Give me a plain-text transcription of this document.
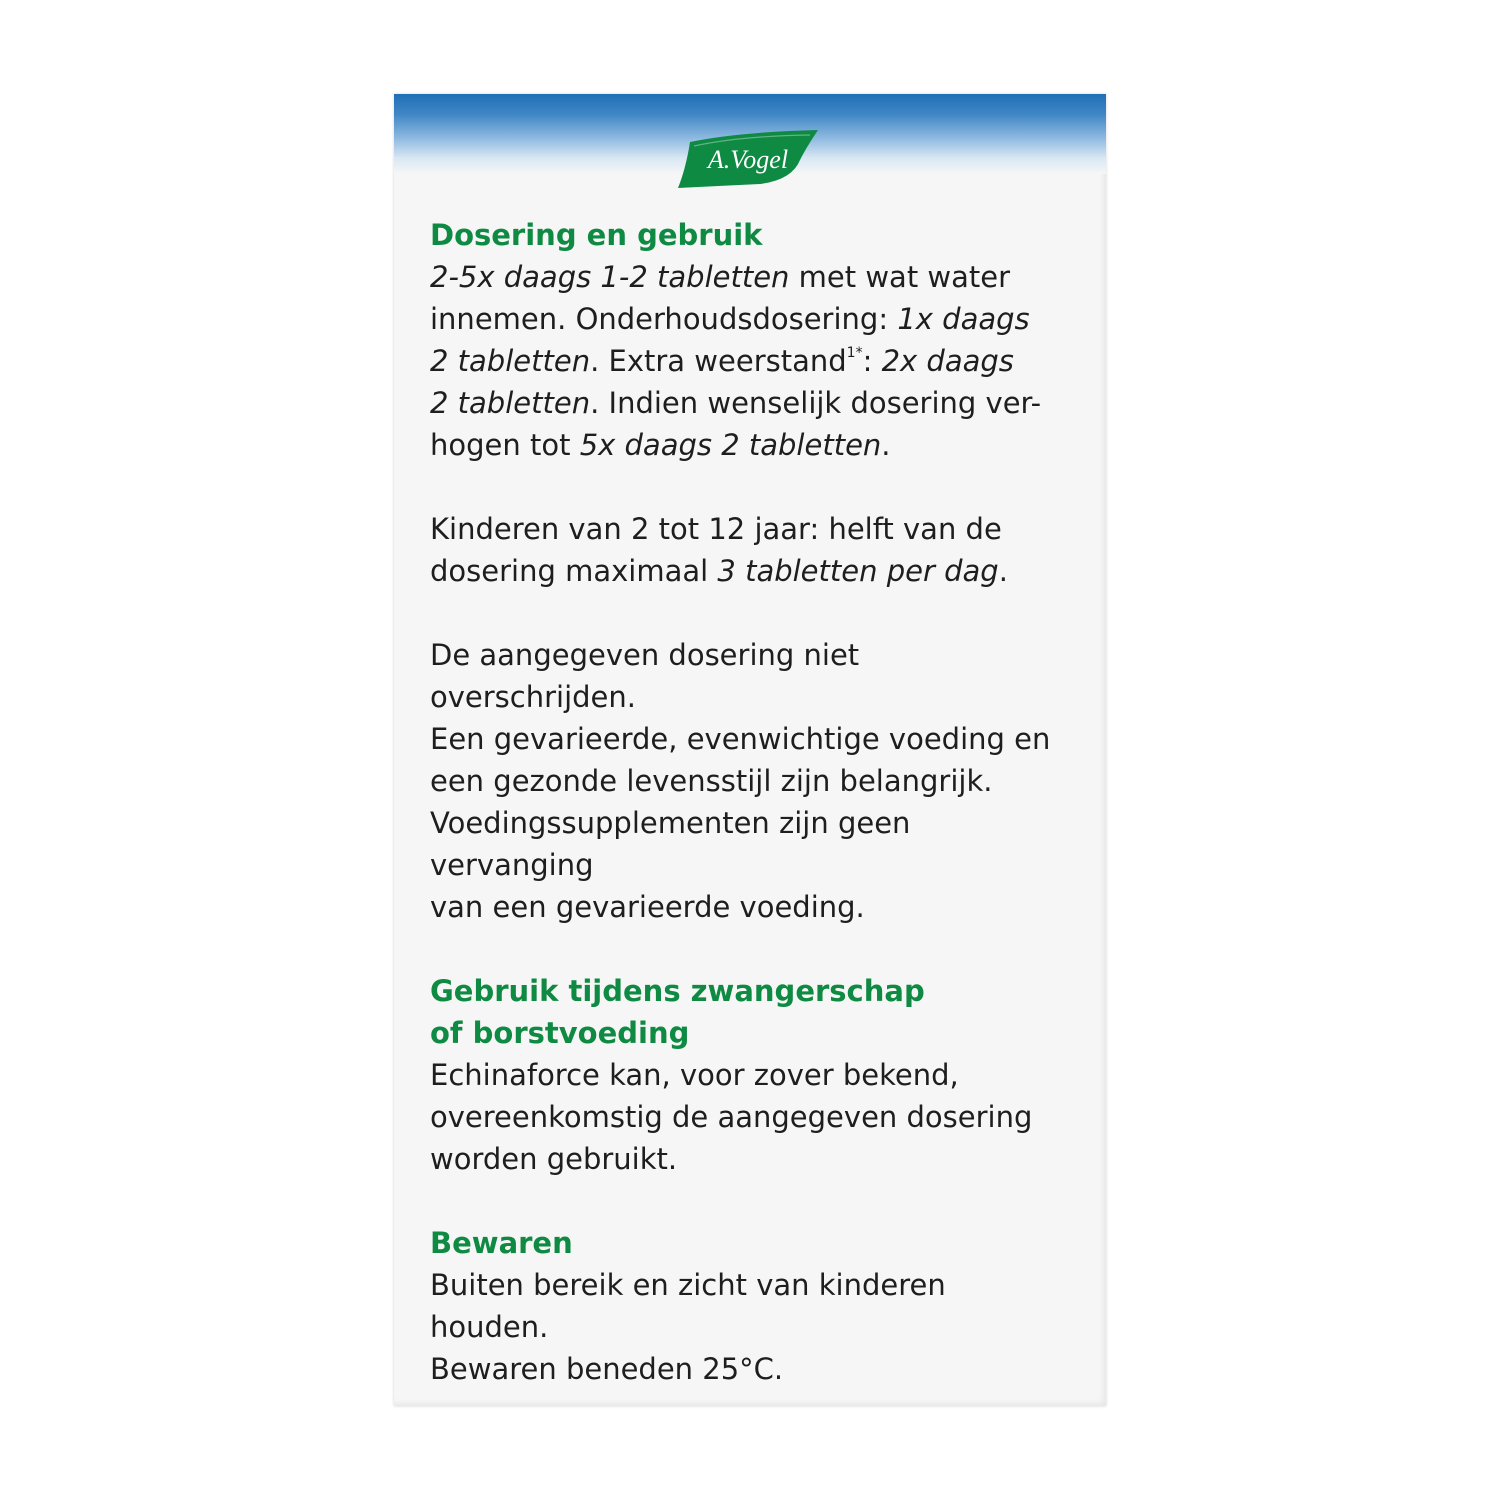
A.Vogel

Dosering en gebruik

2-5x daags 1-2 tabletten met wat water

innemen. Onderhoudsdosering: 1x daags

2 tabletten. Extra weerstand$^{1*}$: 2x daags

2 tabletten. Indien wenselijk dosering ver-

hogen tot 5x daags 2 tabletten.

Kinderen van 2 tot 12 jaar: helft van de

dosering maximaal 3 tabletten per dag.

De aangegeven dosering niet overschrijden.

Een gevarieerde, evenwichtige voeding en

een gezonde levensstijl zijn belangrijk.

Voedingssupplementen zijn geen vervanging

van een gevarieerde voeding.

Gebruik tijdens zwangerschap

of borstvoeding

Echinaforce kan, voor zover bekend,

overeenkomstig de aangegeven dosering

worden gebruikt.

Bewaren

Buiten bereik en zicht van kinderen houden.

Bewaren beneden 25°C.
